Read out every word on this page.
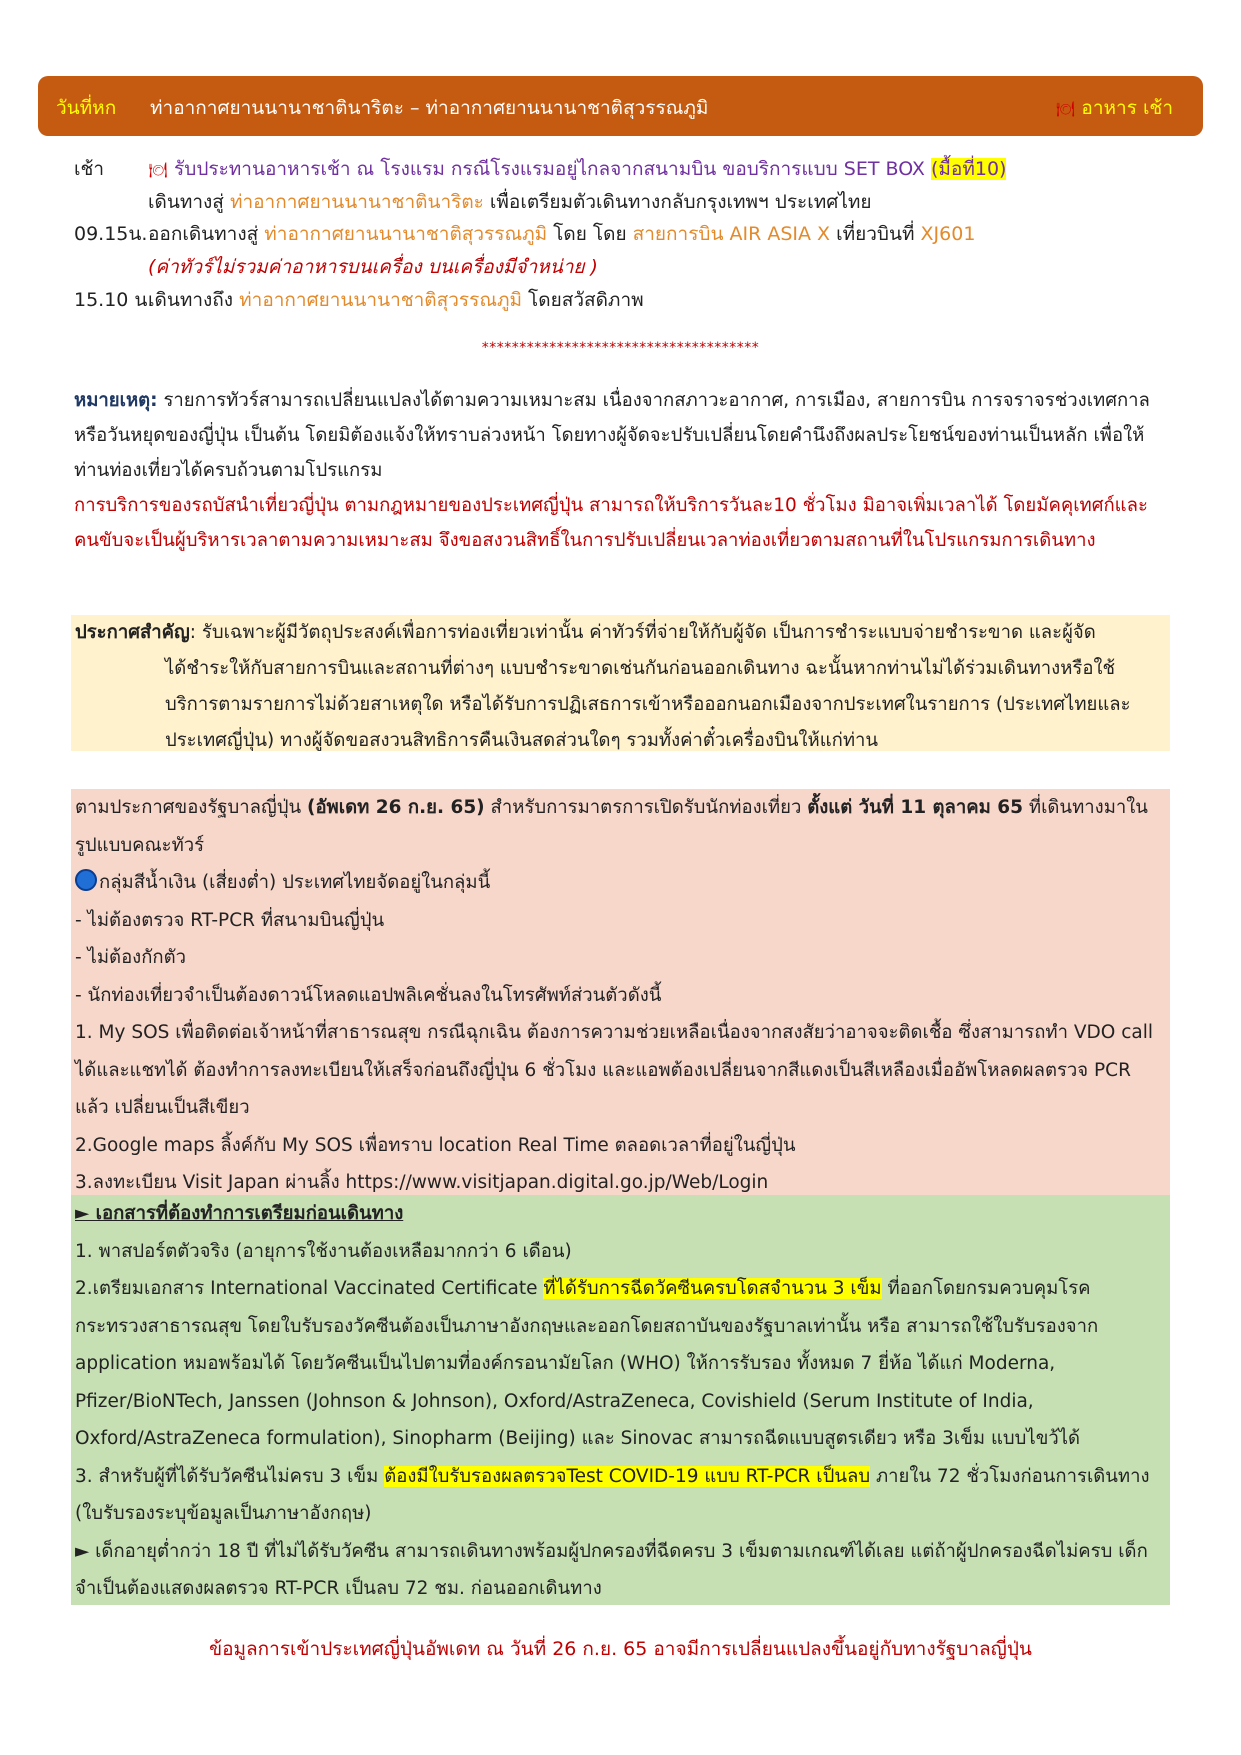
วันที่หก ท่าอากาศยานนานาชาตินาริตะ – ท่าอากาศยานนานาชาติสุวรรณภูมิ	🍽 อาหาร เช้า
เช้า	🍽 รับประทานอาหารเช้า ณ โรงแรม กรณีโรงแรมอยู่ไกลจากสนามบิน ขอบริการแบบ SET BOX (มื้อที่10)
เดินทางสู่ ท่าอากาศยานนานาชาตินาริตะ เพื่อเตรียมตัวเดินทางกลับกรุงเทพฯ ประเทศไทย
09.15น. ออกเดินทางสู่ ท่าอากาศยานนานาชาติสุวรรณภูมิ โดย โดย สายการบิน AIR ASIA X เที่ยวบินที่ XJ601
(ค่าทัวร์ไม่รวมค่าอาหารบนเครื่อง บนเครื่องมีจำหน่าย )
15.10 น.
เดินทางถึง ท่าอากาศยานนานาชาติสุวรรณภูมิ โดยสวัสดิภาพ
*************************************

หมายเหตุ: รายการทัวร์สามารถเปลี่ยนแปลงได้ตามความเหมาะสม เนื่องจากสภาวะอากาศ, การเมือง, สายการบิน การจราจรช่วงเทศกาลหรือวันหยุดของญี่ปุ่น เป็นต้น โดยมิต้องแจ้งให้ทราบล่วงหน้า โดยทางผู้จัดจะปรับเปลี่ยนโดยคำนึงถึงผลประโยชน์ของท่านเป็นหลัก เพื่อให้ท่านท่องเที่ยวได้ครบถ้วนตามโปรแกรม

การบริการของรถบัสนำเที่ยวญี่ปุ่น ตามกฎหมายของประเทศญี่ปุ่น สามารถให้บริการวันละ10 ชั่วโมง มิอาจเพิ่มเวลาได้ โดยมัคคุเทศก์และคนขับจะเป็นผู้บริหารเวลาตามความเหมาะสม จึงขอสงวนสิทธิ์ในการปรับเปลี่ยนเวลาท่องเที่ยวตามสถานที่ในโปรแกรมการเดินทาง

ประกาศสำคัญ: รับเฉพาะผู้มีวัตถุประสงค์เพื่อการท่องเที่ยวเท่านั้น ค่าทัวร์ที่จ่ายให้กับผู้จัด เป็นการชำระแบบจ่ายชำระขาด และผู้จัด

ได้ชำระให้กับสายการบินและสถานที่ต่างๆ แบบชำระขาดเช่นกันก่อนออกเดินทาง ฉะนั้นหากท่านไม่ได้ร่วมเดินทางหรือใช้บริการตามรายการไม่ด้วยสาเหตุใด หรือได้รับการปฏิเสธการเข้าหรือออกนอกเมืองจากประเทศในรายการ (ประเทศไทยและประเทศญี่ปุ่น) ทางผู้จัดขอสงวนสิทธิการคืนเงินสดส่วนใดๆ รวมทั้งค่าตั๋วเครื่องบินให้แก่ท่าน

ตามประกาศของรัฐบาลญี่ปุ่น (อัพเดท 26 ก.ย. 65) สำหรับการมาตรการเปิดรับนักท่องเที่ยว ตั้งแต่ วันที่ 11 ตุลาคม 65 ที่เดินทางมาในรูปแบบคณะทัวร์

กลุ่มสีน้ำเงิน (เสี่ยงต่ำ) ประเทศไทยจัดอยู่ในกลุ่มนี้

- ไม่ต้องตรวจ RT-PCR ที่สนามบินญี่ปุ่น

- ไม่ต้องกักตัว

- นักท่องเที่ยวจำเป็นต้องดาวน์โหลดแอปพลิเคชั่นลงในโทรศัพท์ส่วนตัวดังนี้

1. My SOS เพื่อติดต่อเจ้าหน้าที่สาธารณสุข กรณีฉุกเฉิน ต้องการความช่วยเหลือเนื่องจากสงสัยว่าอาจจะติดเชื้อ ซึ่งสามารถทำ VDO call ได้และแชทได้ ต้องทำการลงทะเบียนให้เสร็จก่อนถึงญี่ปุ่น 6 ชั่วโมง และแอพต้องเปลี่ยนจากสีแดงเป็นสีเหลืองเมื่ออัพโหลดผลตรวจ PCR แล้ว เปลี่ยนเป็นสีเขียว

2.Google maps ลิ้งค์กับ My SOS เพื่อทราบ location Real Time ตลอดเวลาที่อยู่ในญี่ปุ่น

3.ลงทะเบียน Visit Japan ผ่านลิ้ง https://www.visitjapan.digital.go.jp/Web/Login

► เอกสารที่ต้องทำการเตรียมก่อนเดินทาง

1. พาสปอร์ตตัวจริง (อายุการใช้งานต้องเหลือมากกว่า 6 เดือน)

2.เตรียมเอกสาร International Vaccinated Certificate ที่ได้รับการฉีดวัคซีนครบโดสจำนวน 3 เข็ม ที่ออกโดยกรมควบคุมโรค กระทรวงสาธารณสุข โดยใบรับรองวัคซีนต้องเป็นภาษาอังกฤษและออกโดยสถาบันของรัฐบาลเท่านั้น หรือ สามารถใช้ใบรับรองจาก application หมอพร้อมได้ โดยวัคซีนเป็นไปตามที่องค์กรอนามัยโลก (WHO) ให้การรับรอง ทั้งหมด 7 ยี่ห้อ ได้แก่ Moderna, Pfizer/BioNTech, Janssen (Johnson & Johnson), Oxford/AstraZeneca, Covishield (Serum Institute of India, Oxford/AstraZeneca formulation), Sinopharm (Beijing) และ Sinovac สามารถฉีดแบบสูตรเดียว หรือ 3เข็ม แบบไขว้ได้

3. สำหรับผู้ที่ได้รับวัคซีนไม่ครบ 3 เข็ม ต้องมีใบรับรองผลตรวจTest COVID-19 แบบ RT-PCR เป็นลบ ภายใน 72 ชั่วโมงก่อนการเดินทาง (ใบรับรองระบุข้อมูลเป็นภาษาอังกฤษ)

► เด็กอายุต่ำกว่า 18 ปี ที่ไม่ได้รับวัคซีน สามารถเดินทางพร้อมผู้ปกครองที่ฉีดครบ 3 เข็มตามเกณฑ์ได้เลย แต่ถ้าผู้ปกครองฉีดไม่ครบ เด็กจำเป็นต้องแสดงผลตรวจ RT-PCR เป็นลบ 72 ชม. ก่อนออกเดินทาง

ข้อมูลการเข้าประเทศญี่ปุ่นอัพเดท ณ วันที่ 26 ก.ย. 65 อาจมีการเปลี่ยนแปลงขึ้นอยู่กับทางรัฐบาลญี่ปุ่น
